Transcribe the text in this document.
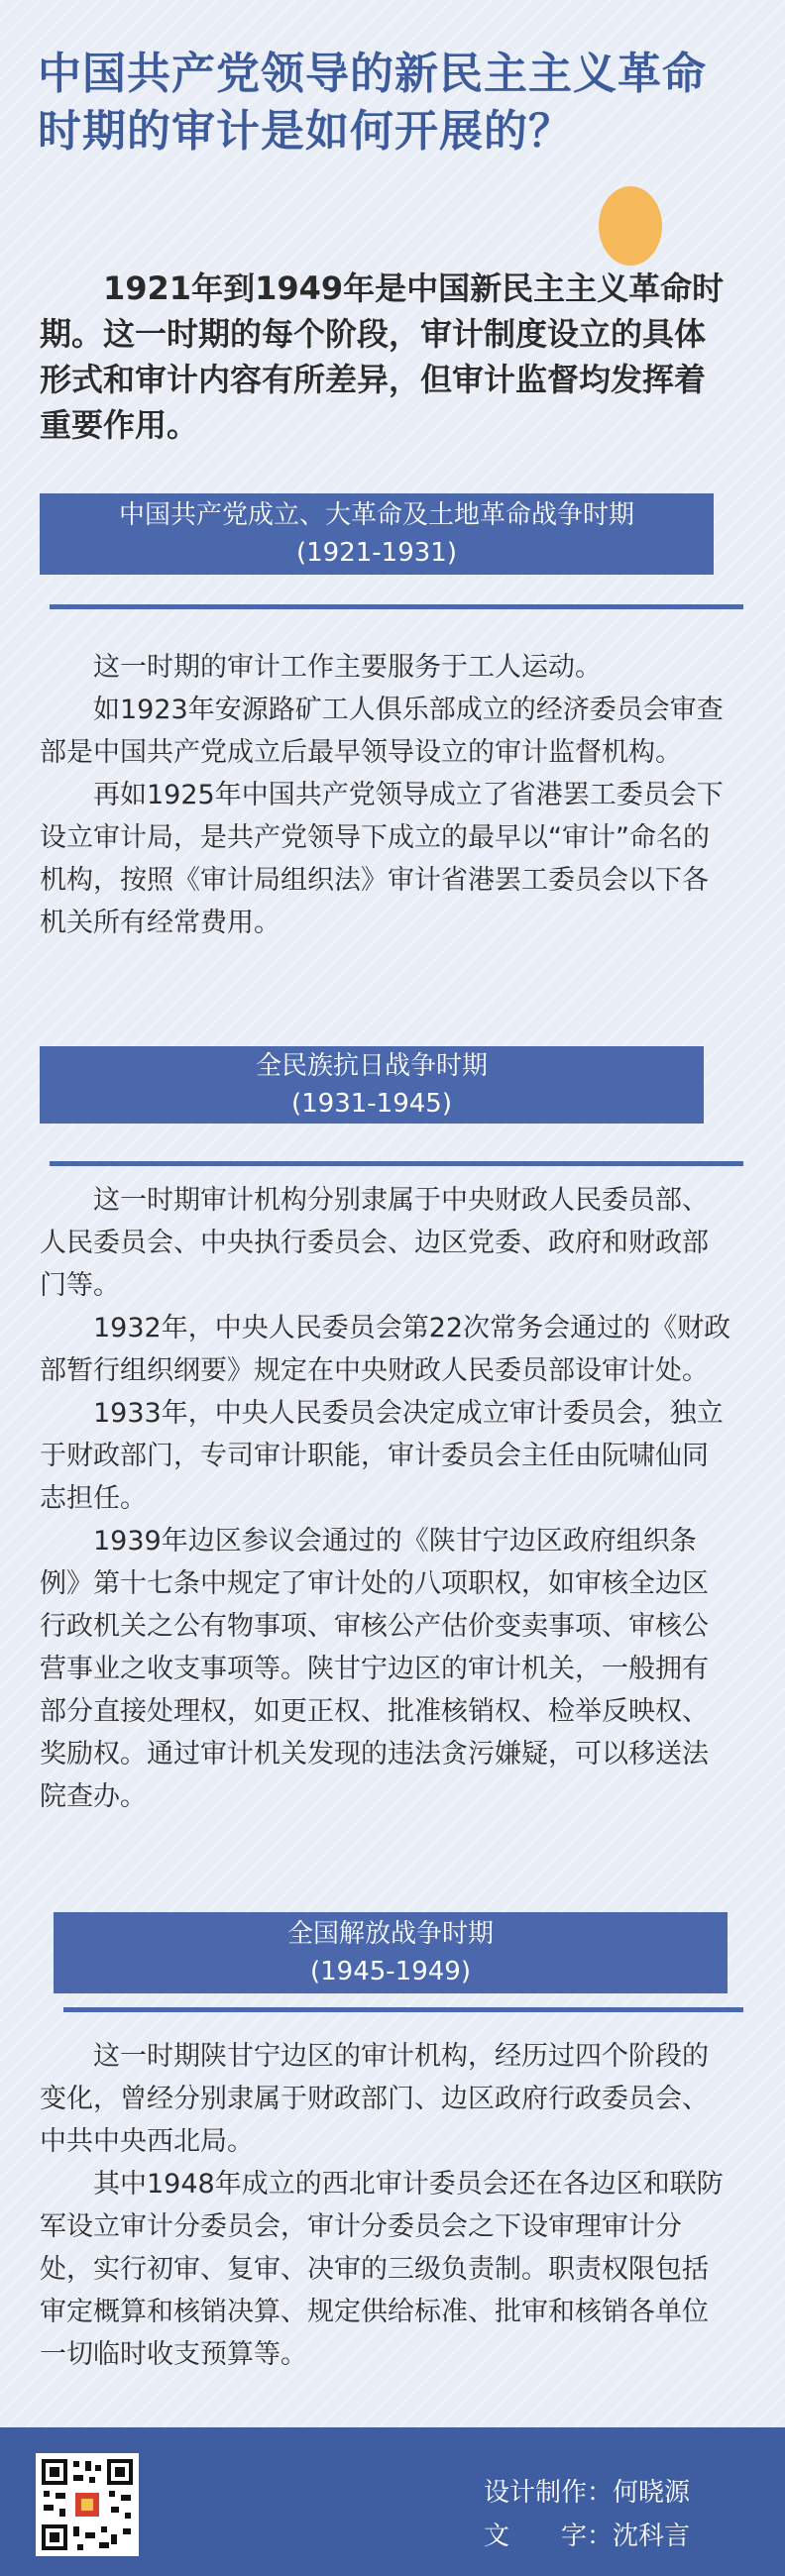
中国共产党领导的新民主主义革命时期的审计是如何开展的？

1921年到1949年是中国新民主主义革命时期。这一时期的每个阶段，审计制度设立的具体形式和审计内容有所差异，但审计监督均发挥着重要作用。

中国共产党成立、大革命及土地革命战争时期
(1921-1931)

这一时期的审计工作主要服务于工人运动。

如1923年安源路矿工人俱乐部成立的经济委员会审查部是中国共产党成立后最早领导设立的审计监督机构。

再如1925年中国共产党领导成立了省港罢工委员会下设立审计局，是共产党领导下成立的最早以“审计”命名的机构，按照《审计局组织法》审计省港罢工委员会以下各机关所有经常费用。

全民族抗日战争时期
(1931-1945)

这一时期审计机构分别隶属于中央财政人民委员部、人民委员会、中央执行委员会、边区党委、政府和财政部门等。

1932年，中央人民委员会第22次常务会通过的《财政部暂行组织纲要》规定在中央财政人民委员部设审计处。

1933年，中央人民委员会决定成立审计委员会，独立于财政部门，专司审计职能，审计委员会主任由阮啸仙同志担任。

1939年边区参议会通过的《陕甘宁边区政府组织条例》第十七条中规定了审计处的八项职权，如审核全边区行政机关之公有物事项、审核公产估价变卖事项、审核公营事业之收支事项等。陕甘宁边区的审计机关，一般拥有部分直接处理权，如更正权、批准核销权、检举反映权、奖励权。通过审计机关发现的违法贪污嫌疑，可以移送法院查办。

全国解放战争时期
(1945-1949)

这一时期陕甘宁边区的审计机构，经历过四个阶段的变化，曾经分别隶属于财政部门、边区政府行政委员会、中共中央西北局。

其中1948年成立的西北审计委员会还在各边区和联防军设立审计分委员会，审计分委员会之下设审理审计分处，实行初审、复审、决审的三级负责制。职责权限包括审定概算和核销决算、规定供给标准、批审和核销各单位一切临时收支预算等。

设计制作：何晓源
文　　字：沈科言
